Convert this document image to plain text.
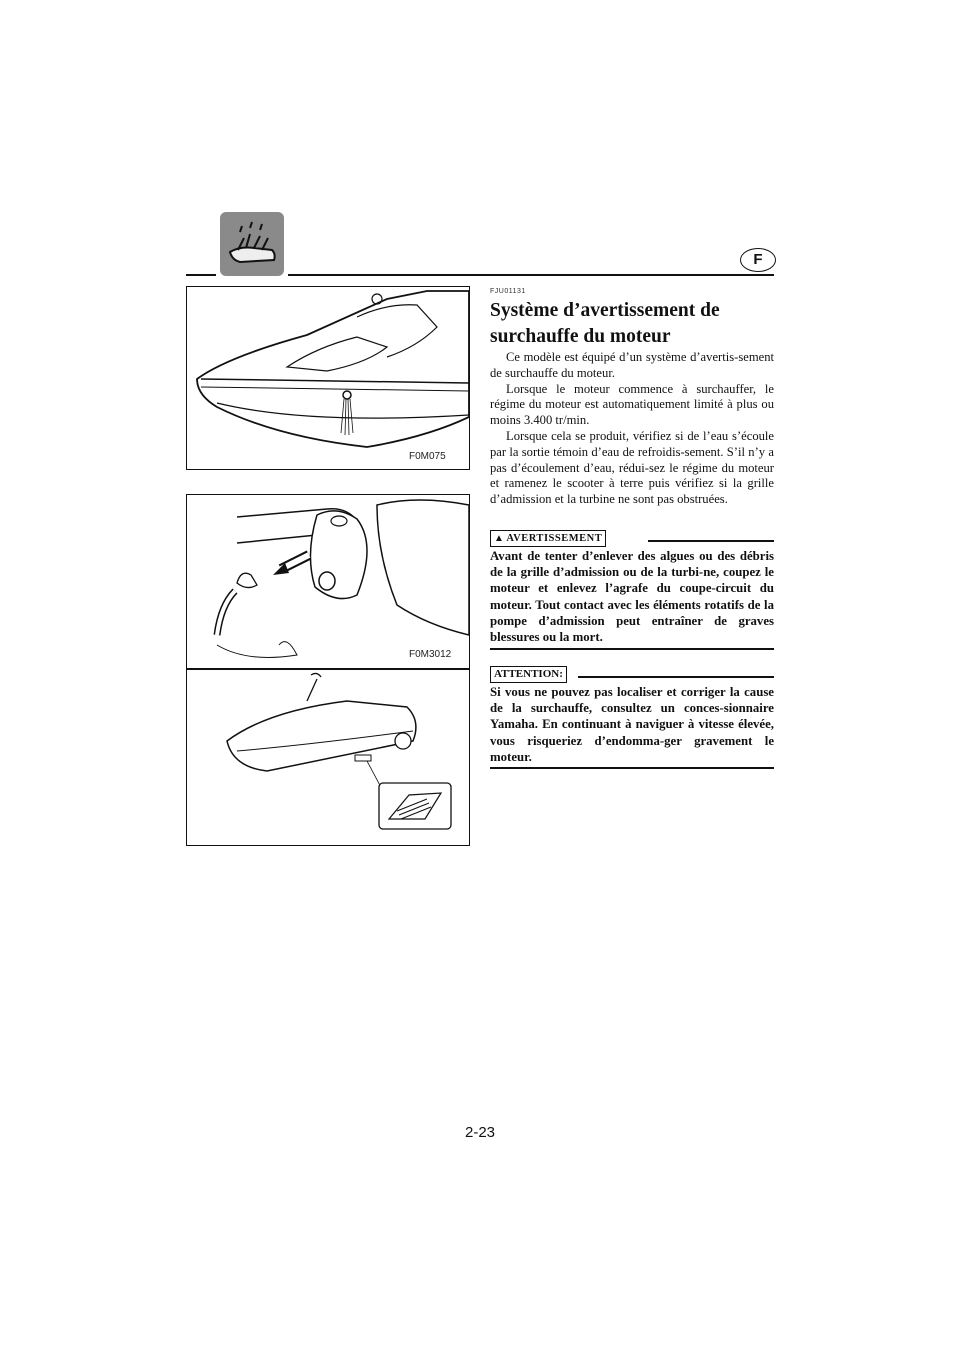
F
F0M075
F0M3012
FJU01131
Système d’avertissement de
surchauffe du moteur

Ce modèle est équipé d’un système d’avertis-sement de surchauffe du moteur.

Lorsque le moteur commence à surchauffer, le régime du moteur est automatiquement limité à plus ou moins 3.400 tr/min.

Lorsque cela se produit, vérifiez si de l’eau s’écoule par la sortie témoin d’eau de refroidis-sement. S’il n’y a pas d’écoulement d’eau, rédui-sez le régime du moteur et ramenez le scooter à terre puis vérifiez si la grille d’admission et la turbine ne sont pas obstruées.

▲ AVERTISSEMENT

Avant de tenter d’enlever des algues ou des débris de la grille d’admission ou de la turbi-ne, coupez le moteur et enlevez l’agrafe du coupe-circuit du moteur. Tout contact avec les éléments rotatifs de la pompe d’admission peut entraîner de graves blessures ou la mort.

ATTENTION:

Si vous ne pouvez pas localiser et corriger la cause de la surchauffe, consultez un conces-sionnaire Yamaha. En continuant à naviguer à vitesse élevée, vous risqueriez d’endomma-ger gravement le moteur.

2-23
